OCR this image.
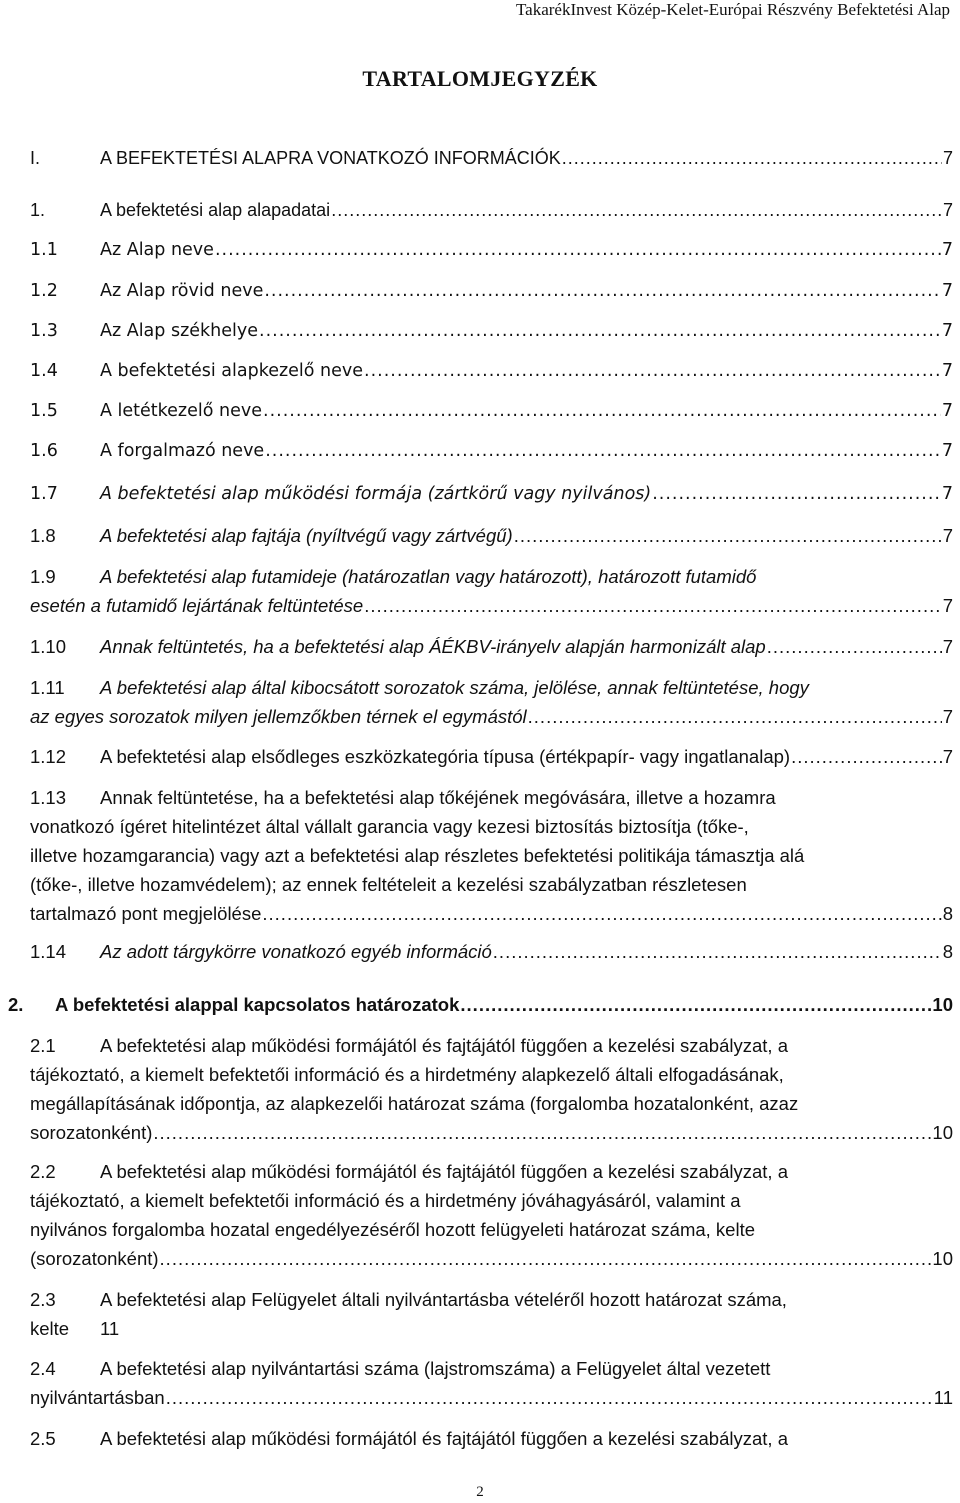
TakarékInvest Közép-Kelet-Európai Részvény Befektetési Alap
TARTALOMJEGYZÉK
I.	A BEFEKTETÉSI ALAPRA VONATKOZÓ INFORMÁCIÓK .....	7
1.	A befektetési alap alapadatai .....	7
1.1 Az Alap neve .....	7
1.2 Az Alap rövid neve .....	7
1.3 Az Alap székhelye .....	7
1.4 A befektetési alapkezelő neve .....	7
1.5 A letétkezelő neve .....	7
1.6 A forgalmazó neve .....	7
1.7 A befektetési alap működési formája (zártkörű vagy nyilvános) .....	7
1.8 A befektetési alap fajtája (nyíltvégű vagy zártvégű) .....	7
1.9 A befektetési alap futamideje (határozatlan vagy határozott), határozott futamidő
esetén a futamidő lejártának feltüntetése .....	7
1.10 Annak feltüntetés, ha a befektetési alap ÁÉKBV-irányelv alapján harmonizált alap .....	7
1.11 A befektetési alap által kibocsátott sorozatok száma, jelölése, annak feltüntetése, hogy
az egyes sorozatok milyen jellemzőkben térnek el egymástól .....	7
1.12 A befektetési alap elsődleges eszközkategória típusa (értékpapír- vagy ingatlanalap) .....	7
1.13 Annak feltüntetése, ha a befektetési alap tőkéjének megóvására, illetve a hozamra
vonatkozó ígéret hitelintézet által vállalt garancia vagy kezesi biztosítás biztosítja (tőke-,
illetve hozamgarancia) vagy azt a befektetési alap részletes befektetési politikája támasztja alá
(tőke-, illetve hozamvédelem); az ennek feltételeit a kezelési szabályzatban részletesen
tartalmazó pont megjelölése .....	8
1.14 Az adott tárgykörre vonatkozó egyéb információ .....	8
2. A befektetési alappal kapcsolatos határozatok .....	10
2.1 A befektetési alap működési formájától és fajtájától függően a kezelési szabályzat, a
tájékoztató, a kiemelt befektetői információ és a hirdetmény alapkezelő általi elfogadásának,
megállapításának időpontja, az alapkezelői határozat száma (forgalomba hozatalonként, azaz
sorozatonként) .....	10
2.2 A befektetési alap működési formájától és fajtájától függően a kezelési szabályzat, a
tájékoztató, a kiemelt befektetői információ és a hirdetmény jóváhagyásáról, valamint a
nyilvános forgalomba hozatal engedélyezéséről hozott felügyeleti határozat száma, kelte
(sorozatonként) .....	10
2.3 A befektetési alap Felügyelet általi nyilvántartásba vételéről hozott határozat száma,
kelte 11
2.4 A befektetési alap nyilvántartási száma (lajstromszáma) a Felügyelet által vezetett
nyilvántartásban .....	11
2.5 A befektetési alap működési formájától és fajtájától függően a kezelési szabályzat, a
2
